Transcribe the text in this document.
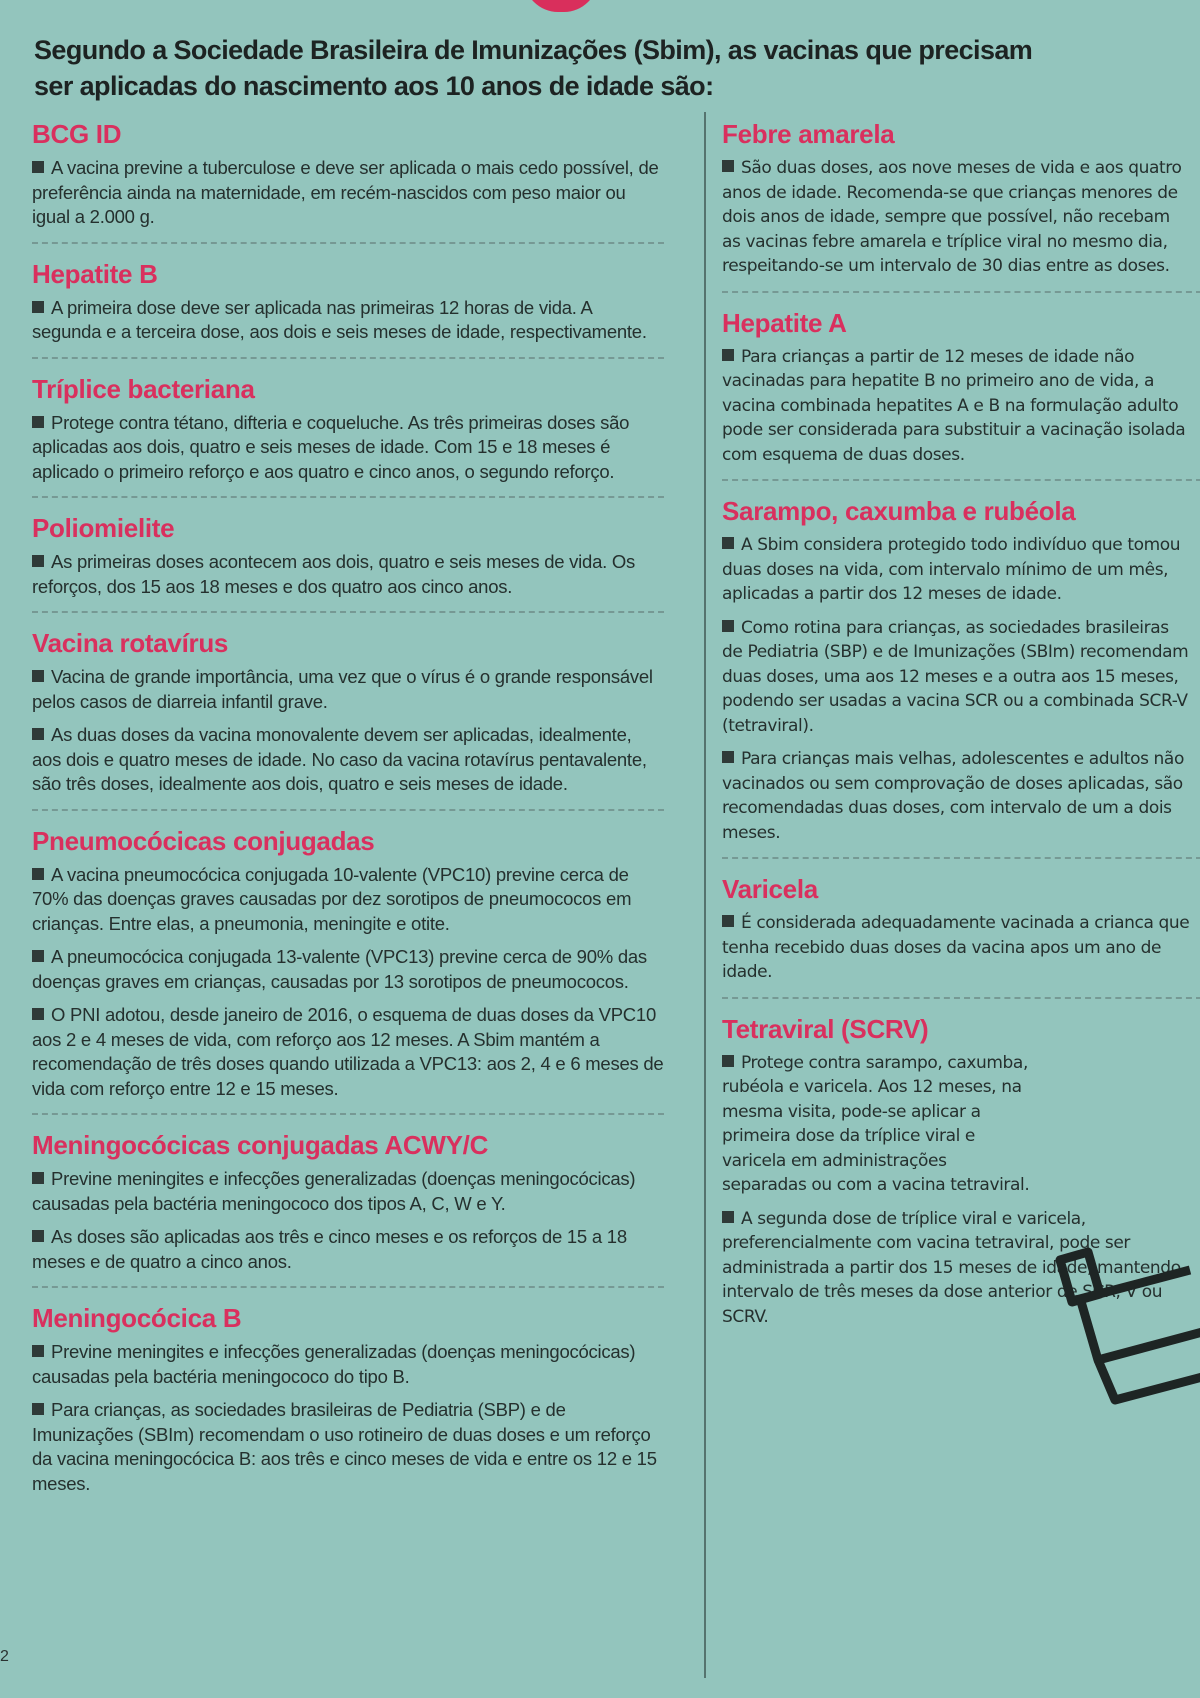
Segundo a Sociedade Brasileira de Imunizações (Sbim), as vacinas que precisam
ser aplicadas do nascimento aos 10 anos de idade são:
BCG ID

A vacina previne a tuberculose e deve ser aplicada o mais cedo possível, de preferência ainda na maternidade, em recém-nascidos com peso maior ou igual a 2.000 g.

Hepatite B

A primeira dose deve ser aplicada nas primeiras 12 horas de vida. A segunda e a terceira dose, aos dois e seis meses de idade, respectivamente.

Tríplice bacteriana

Protege contra tétano, difteria e coqueluche. As três primeiras doses são aplicadas aos dois, quatro e seis meses de idade. Com 15 e 18 meses é aplicado o primeiro reforço e aos quatro e cinco anos, o segundo reforço.

Poliomielite

As primeiras doses acontecem aos dois, quatro e seis meses de vida. Os reforços, dos 15 aos 18 meses e dos quatro aos cinco anos.

Vacina rotavírus

Vacina de grande importância, uma vez que o vírus é o grande responsável pelos casos de diarreia infantil grave.

As duas doses da vacina monovalente devem ser aplicadas, idealmente, aos dois e quatro meses de idade. No caso da vacina rotavírus pentavalente, são três doses, idealmente aos dois, quatro e seis meses de idade.

Pneumocócicas conjugadas

A vacina pneumocócica conjugada 10-valente (VPC10) previne cerca de 70% das doenças graves causadas por dez sorotipos de pneumococos em crianças. Entre elas, a pneumonia, meningite e otite.

A pneumocócica conjugada 13-valente (VPC13) previne cerca de 90% das doenças graves em crianças, causadas por 13 sorotipos de pneumococos.

O PNI adotou, desde janeiro de 2016, o esquema de duas doses da VPC10 aos 2 e 4 meses de vida, com reforço aos 12 meses. A Sbim mantém a recomendação de três doses quando utilizada a VPC13: aos 2, 4 e 6 meses de vida com reforço entre 12 e 15 meses.

Meningocócicas conjugadas ACWY/C

Previne meningites e infecções generalizadas (doenças meningocócicas) causadas pela bactéria meningococo dos tipos A, C, W e Y.

As doses são aplicadas aos três e cinco meses e os reforços de 15 a 18 meses e de quatro a cinco anos.

Meningocócica B

Previne meningites e infecções generalizadas (doenças meningocócicas) causadas pela bactéria meningococo do tipo B.

Para crianças, as sociedades brasileiras de Pediatria (SBP) e de Imunizações (SBIm) recomendam o uso rotineiro de duas doses e um reforço da vacina meningocócica B: aos três e cinco meses de vida e entre os 12 e 15 meses.

Febre amarela

São duas doses, aos nove meses de vida e aos quatro anos de idade. Recomenda-se que crianças menores de dois anos de idade, sempre que possível, não recebam as vacinas febre amarela e tríplice viral no mesmo dia, respeitando-se um intervalo de 30 dias entre as doses.

Hepatite A

Para crianças a partir de 12 meses de idade não vacinadas para hepatite B no primeiro ano de vida, a vacina combinada hepatites A e B na formulação adulto pode ser considerada para substituir a vacinação isolada com esquema de duas doses.

Sarampo, caxumba e rubéola

A Sbim considera protegido todo indivíduo que tomou duas doses na vida, com intervalo mínimo de um mês, aplicadas a partir dos 12 meses de idade.

Como rotina para crianças, as sociedades brasileiras de Pediatria (SBP) e de Imunizações (SBIm) recomendam duas doses, uma aos 12 meses e a outra aos 15 meses, podendo ser usadas a vacina SCR ou a combinada SCR-V (tetraviral).

Para crianças mais velhas, adolescentes e adultos não vacinados ou sem comprovação de doses aplicadas, são recomendadas duas doses, com intervalo de um a dois meses.

Varicela

É considerada adequadamente vacinada a crianca que tenha recebido duas doses da vacina apos um ano de idade.

Tetraviral (SCRV)

Protege contra sarampo, caxumba, rubéola e varicela. Aos 12 meses, na mesma visita, pode-se aplicar a primeira dose da tríplice viral e varicela em administrações separadas ou com a vacina tetraviral.

A segunda dose de tríplice viral e varicela, preferencialmente com vacina tetraviral, pode ser administrada a partir dos 15 meses de idade, mantendo intervalo de três meses da dose anterior de SCR, V ou SCRV.

2
